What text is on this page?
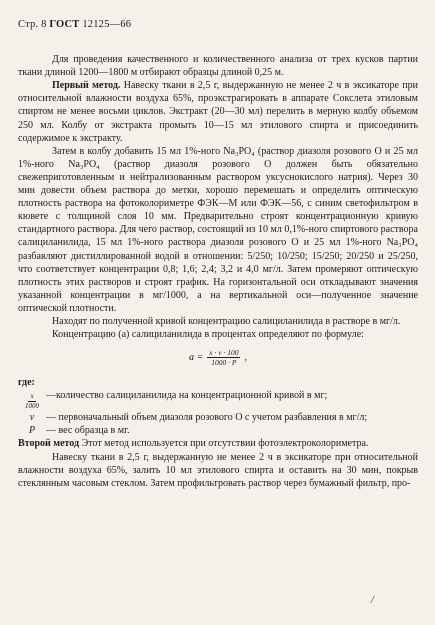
Стр. 8 ГОСТ 12125—66

Для проведения качественного и количественного анализа от трех кусков партии ткани длиной 1200—1800 м отбирают образцы длиной 0,25 м.

Первый метод. Навеску ткани в 2,5 г, выдержанную не менее 2 ч в эксикаторе при относительной влажности воздуха 65%, проэкстрагировать в аппарате Сокслета этиловым спиртом не менее восьми циклов. Экстракт (20—30 мл) перелить в мерную колбу объемом 250 мл. Колбу от экстракта промыть 10—15 мл этилового спирта и присоединить содержимое к экстракту.

Затем в колбу добавить 15 мл 1%-ного Na₃PO₄ (раствор диазоля розового О и 25 мл 1%-ного Na₃PO₄ (раствор диазоля розового О должен быть обязательно свежеприготовленным и нейтрализованным раствором уксуснокислого натрия). Через 30 мин довести объем раствора до метки, хорошо перемешать и определить оптическую плотность раствора на фотоколориметре ФЭК—М или ФЭК—56, с синим светофильтром в кювете с толщиной слоя 10 мм. Предварительно строят концентрационную кривую стандартного раствора. Для чего раствор, состоящий из 10 мл 0,1%-ного спиртового раствора салициланилида, 15 мл 1%-ного раствора диазоля розового О и 25 мл 1%-ного Na₃PO₄ разбавляют дистиллированной водой в отношении: 5/250; 10/250; 15/250; 20/250 и 25/250, что соответствует концентрации 0,8; 1,6; 2,4; 3,2 и 4,0 мг/л. Затем промеряют оптическую плотность этих растворов и строят график. На горизонтальной оси откладывают значения указанной концентрации в мг/1000, а на вертикальной оси—полученное значение оптической плотности.

Находят по полученной кривой концентрацию салициланилида в растворе в мг/л.

Концентрацию (a) салициланилида в процентах определяют по формуле:

$a = \frac{x \cdot v \cdot 100}{1000 \cdot P}$ ,

где:

$\frac{x}{1000}$ —количество салициланилида на концентрационной кривой в мг;
v	— первоначальный объем диазоля розового О с учетом разбавления в мг/л;
P	— вес образца в мг.

Второй метод Этот метод используется при отсутствии фотоэлектроколориметра.

Навеску ткани в 2,5 г, выдержанную не менее 2 ч в эксикаторе при относительной влажности воздуха 65%, залить 10 мл этилового спирта и оставить на 30 мин, покрыв стеклянным часовым стеклом. Затем профильтровать раствор через бумажный фильтр, про-

/
